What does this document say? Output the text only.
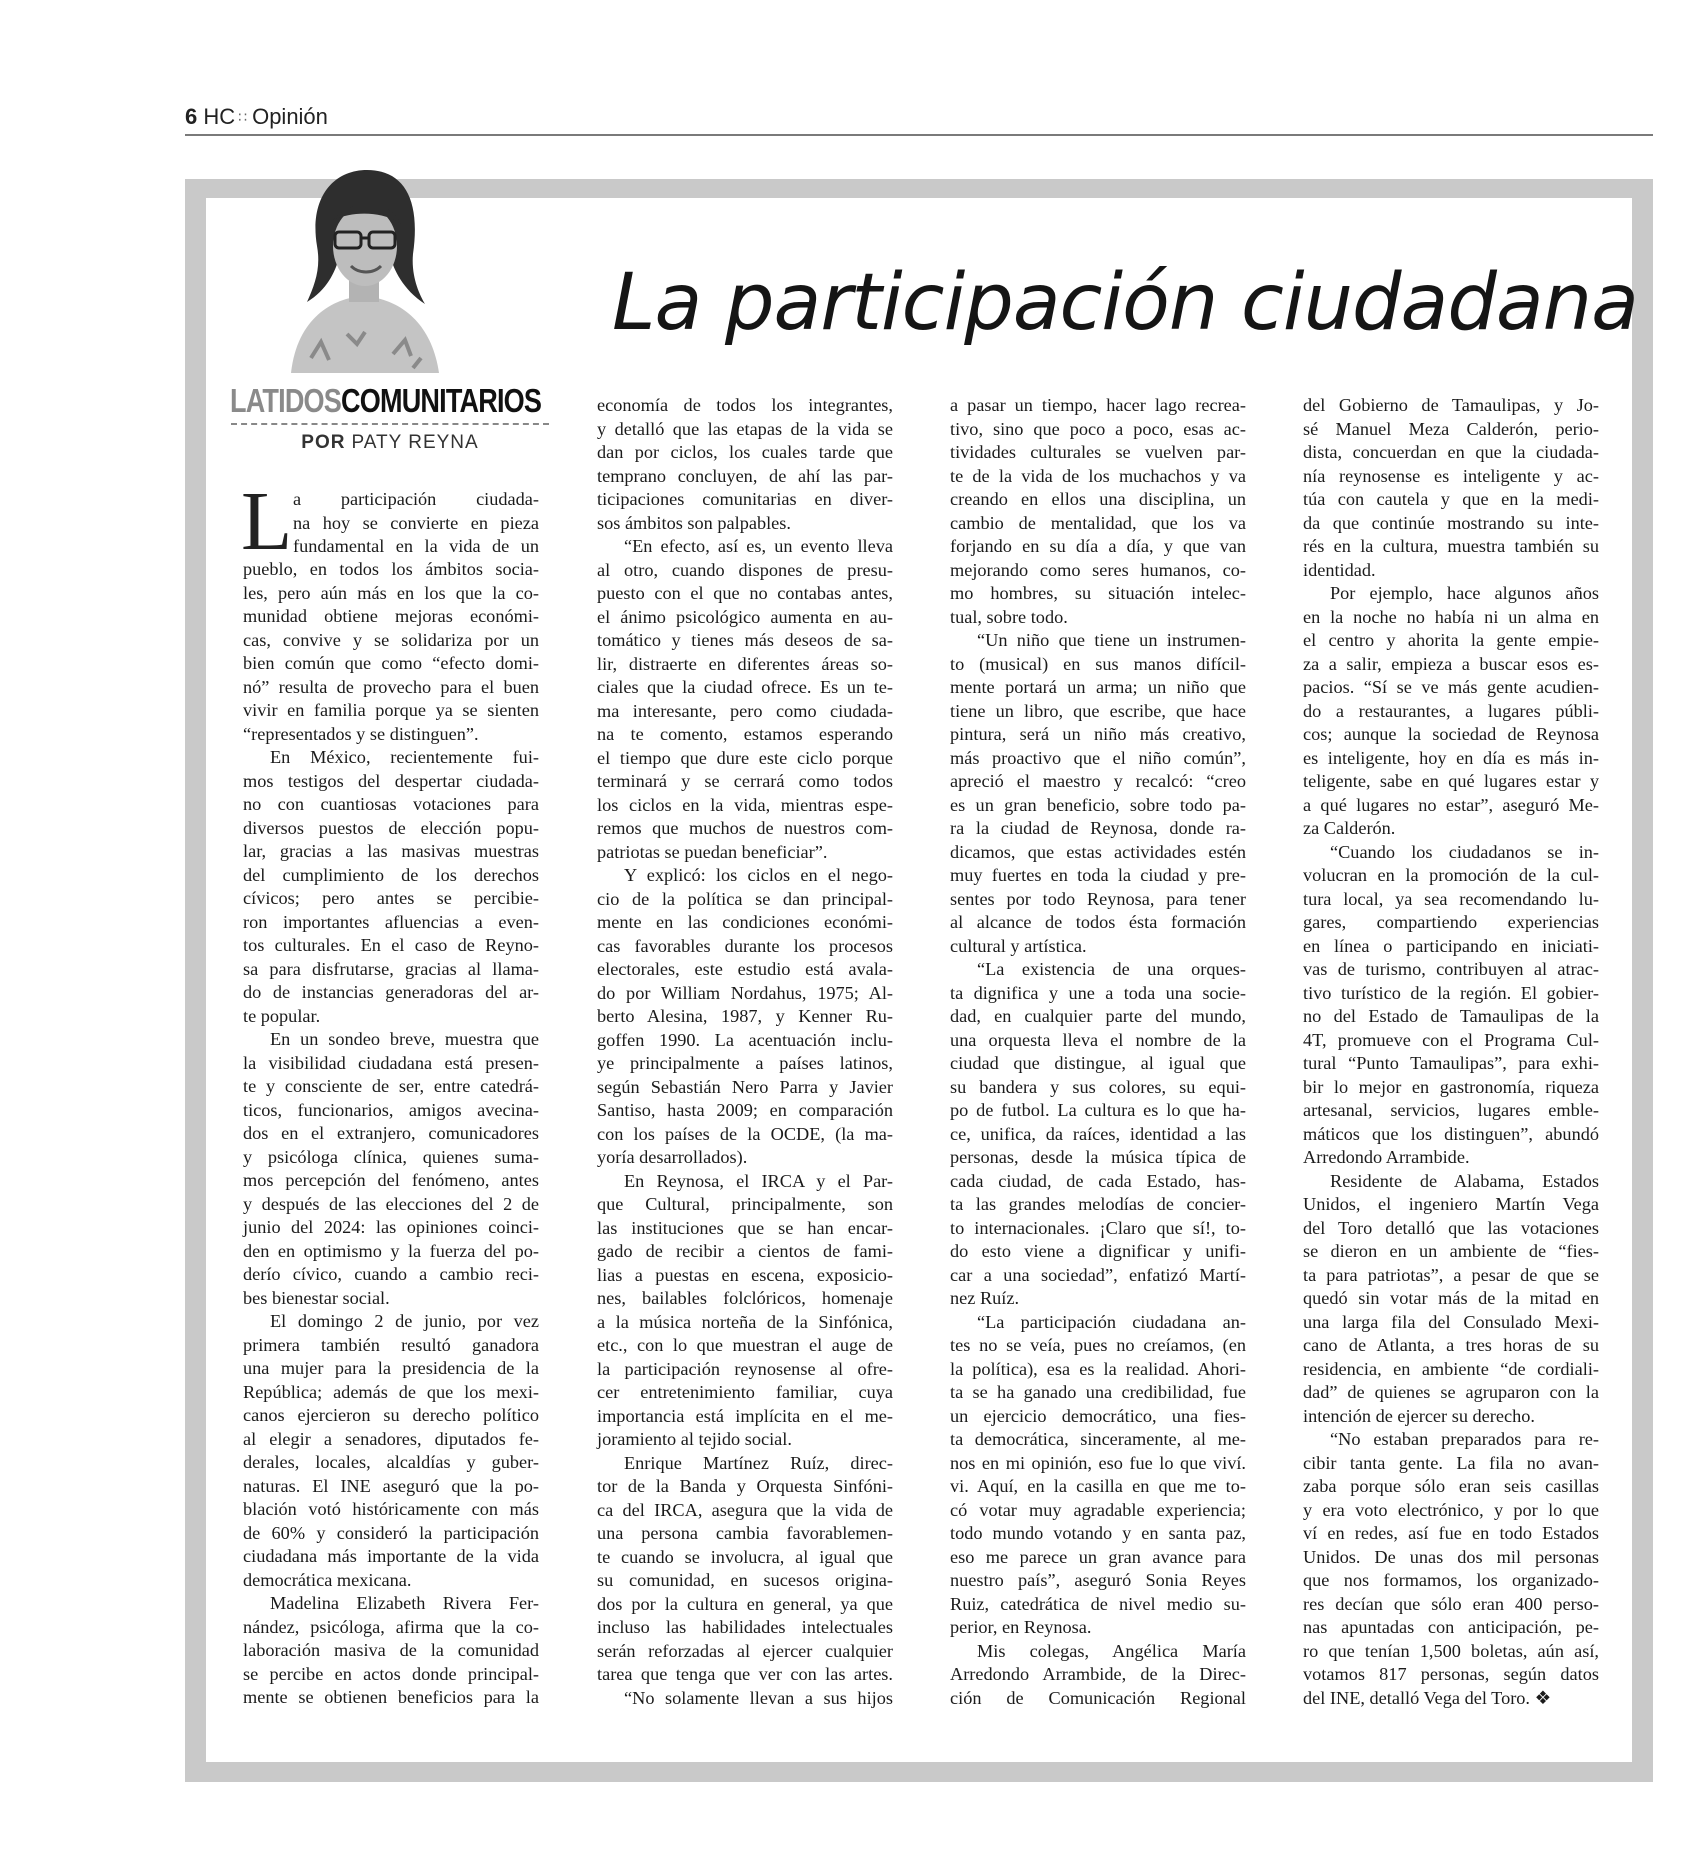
6 HC ∷ Opinión
LATIDOSCOMUNITARIOS
POR PATY REYNA
La participación ciudadana
L a participación ciudada-
na hoy se convierte en pieza
fundamental en la vida de un
pueblo, en todos los ámbitos socia-
les, pero aún más en los que la co-
munidad obtiene mejoras económi-
cas, convive y se solidariza por un
bien común que como “efecto domi-
nó” resulta de provecho para el buen
vivir en familia porque ya se sienten
“representados y se distinguen”.
En México, recientemente fui-
mos testigos del despertar ciudada-
no con cuantiosas votaciones para
diversos puestos de elección popu-
lar, gracias a las masivas muestras
del cumplimiento de los derechos
cívicos; pero antes se percibie-
ron importantes afluencias a even-
tos culturales. En el caso de Reyno-
sa para disfrutarse, gracias al llama-
do de instancias generadoras del ar-
te popular.
En un sondeo breve, muestra que
la visibilidad ciudadana está presen-
te y consciente de ser, entre catedrá-
ticos, funcionarios, amigos avecina-
dos en el extranjero, comunicadores
y psicóloga clínica, quienes suma-
mos percepción del fenómeno, antes
y después de las elecciones del 2 de
junio del 2024: las opiniones coinci-
den en optimismo y la fuerza del po-
derío cívico, cuando a cambio reci-
bes bienestar social.
El domingo 2 de junio, por vez
primera también resultó ganadora
una mujer para la presidencia de la
República; además de que los mexi-
canos ejercieron su derecho político
al elegir a senadores, diputados fe-
derales, locales, alcaldías y guber-
naturas. El INE aseguró que la po-
blación votó históricamente con más
de 60% y consideró la participación
ciudadana más importante de la vida
democrática mexicana.
Madelina Elizabeth Rivera Fer-
nández, psicóloga, afirma que la co-
laboración masiva de la comunidad
se percibe en actos donde principal-
mente se obtienen beneficios para la
economía de todos los integrantes,
y detalló que las etapas de la vida se
dan por ciclos, los cuales tarde que
temprano concluyen, de ahí las par-
ticipaciones comunitarias en diver-
sos ámbitos son palpables.
“En efecto, así es, un evento lleva
al otro, cuando dispones de presu-
puesto con el que no contabas antes,
el ánimo psicológico aumenta en au-
tomático y tienes más deseos de sa-
lir, distraerte en diferentes áreas so-
ciales que la ciudad ofrece. Es un te-
ma interesante, pero como ciudada-
na te comento, estamos esperando
el tiempo que dure este ciclo porque
terminará y se cerrará como todos
los ciclos en la vida, mientras espe-
remos que muchos de nuestros com-
patriotas se puedan beneficiar”.
Y explicó: los ciclos en el nego-
cio de la política se dan principal-
mente en las condiciones económi-
cas favorables durante los procesos
electorales, este estudio está avala-
do por William Nordahus, 1975; Al-
berto Alesina, 1987, y Kenner Ru-
goffen 1990. La acentuación inclu-
ye principalmente a países latinos,
según Sebastián Nero Parra y Javier
Santiso, hasta 2009; en comparación
con los países de la OCDE, (la ma-
yoría desarrollados).
En Reynosa, el IRCA y el Par-
que Cultural, principalmente, son
las instituciones que se han encar-
gado de recibir a cientos de fami-
lias a puestas en escena, exposicio-
nes, bailables folclóricos, homenaje
a la música norteña de la Sinfónica,
etc., con lo que muestran el auge de
la participación reynosense al ofre-
cer entretenimiento familiar, cuya
importancia está implícita en el me-
joramiento al tejido social.
Enrique Martínez Ruíz, direc-
tor de la Banda y Orquesta Sinfóni-
ca del IRCA, asegura que la vida de
una persona cambia favorablemen-
te cuando se involucra, al igual que
su comunidad, en sucesos origina-
dos por la cultura en general, ya que
incluso las habilidades intelectuales
serán reforzadas al ejercer cualquier
tarea que tenga que ver con las artes.
“No solamente llevan a sus hijos
a pasar un tiempo, hacer lago recrea-
tivo, sino que poco a poco, esas ac-
tividades culturales se vuelven par-
te de la vida de los muchachos y va
creando en ellos una disciplina, un
cambio de mentalidad, que los va
forjando en su día a día, y que van
mejorando como seres humanos, co-
mo hombres, su situación intelec-
tual, sobre todo.
“Un niño que tiene un instrumen-
to (musical) en sus manos difícil-
mente portará un arma; un niño que
tiene un libro, que escribe, que hace
pintura, será un niño más creativo,
más proactivo que el niño común”,
apreció el maestro y recalcó: “creo
es un gran beneficio, sobre todo pa-
ra la ciudad de Reynosa, donde ra-
dicamos, que estas actividades estén
muy fuertes en toda la ciudad y pre-
sentes por todo Reynosa, para tener
al alcance de todos ésta formación
cultural y artística.
“La existencia de una orques-
ta dignifica y une a toda una socie-
dad, en cualquier parte del mundo,
una orquesta lleva el nombre de la
ciudad que distingue, al igual que
su bandera y sus colores, su equi-
po de futbol. La cultura es lo que ha-
ce, unifica, da raíces, identidad a las
personas, desde la música típica de
cada ciudad, de cada Estado, has-
ta las grandes melodías de concier-
to internacionales. ¡Claro que sí!, to-
do esto viene a dignificar y unifi-
car a una sociedad”, enfatizó Martí-
nez Ruíz.
“La participación ciudadana an-
tes no se veía, pues no creíamos, (en
la política), esa es la realidad. Ahori-
ta se ha ganado una credibilidad, fue
un ejercicio democrático, una fies-
ta democrática, sinceramente, al me-
nos en mi opinión, eso fue lo que viví.
vi. Aquí, en la casilla en que me to-
có votar muy agradable experiencia;
todo mundo votando y en santa paz,
eso me parece un gran avance para
nuestro país”, aseguró Sonia Reyes
Ruiz, catedrática de nivel medio su-
perior, en Reynosa.
Mis colegas, Angélica María
Arredondo Arrambide, de la Direc-
ción de Comunicación Regional
del Gobierno de Tamaulipas, y Jo-
sé Manuel Meza Calderón, perio-
dista, concuerdan en que la ciudada-
nía reynosense es inteligente y ac-
túa con cautela y que en la medi-
da que continúe mostrando su inte-
rés en la cultura, muestra también su
identidad.
Por ejemplo, hace algunos años
en la noche no había ni un alma en
el centro y ahorita la gente empie-
za a salir, empieza a buscar esos es-
pacios. “Sí se ve más gente acudien-
do a restaurantes, a lugares públi-
cos; aunque la sociedad de Reynosa
es inteligente, hoy en día es más in-
teligente, sabe en qué lugares estar y
a qué lugares no estar”, aseguró Me-
za Calderón.
“Cuando los ciudadanos se in-
volucran en la promoción de la cul-
tura local, ya sea recomendando lu-
gares, compartiendo experiencias
en línea o participando en iniciati-
vas de turismo, contribuyen al atrac-
tivo turístico de la región. El gobier-
no del Estado de Tamaulipas de la
4T, promueve con el Programa Cul-
tural “Punto Tamaulipas”, para exhi-
bir lo mejor en gastronomía, riqueza
artesanal, servicios, lugares emble-
máticos que los distinguen”, abundó
Arredondo Arrambide.
Residente de Alabama, Estados
Unidos, el ingeniero Martín Vega
del Toro detalló que las votaciones
se dieron en un ambiente de “fies-
ta para patriotas”, a pesar de que se
quedó sin votar más de la mitad en
una larga fila del Consulado Mexi-
cano de Atlanta, a tres horas de su
residencia, en ambiente “de cordiali-
dad” de quienes se agruparon con la
intención de ejercer su derecho.
“No estaban preparados para re-
cibir tanta gente. La fila no avan-
zaba porque sólo eran seis casillas
y era voto electrónico, y por lo que
ví en redes, así fue en todo Estados
Unidos. De unas dos mil personas
que nos formamos, los organizado-
res decían que sólo eran 400 perso-
nas apuntadas con anticipación, pe-
ro que tenían 1,500 boletas, aún así,
votamos 817 personas, según datos
del INE, detalló Vega del Toro. ❖
